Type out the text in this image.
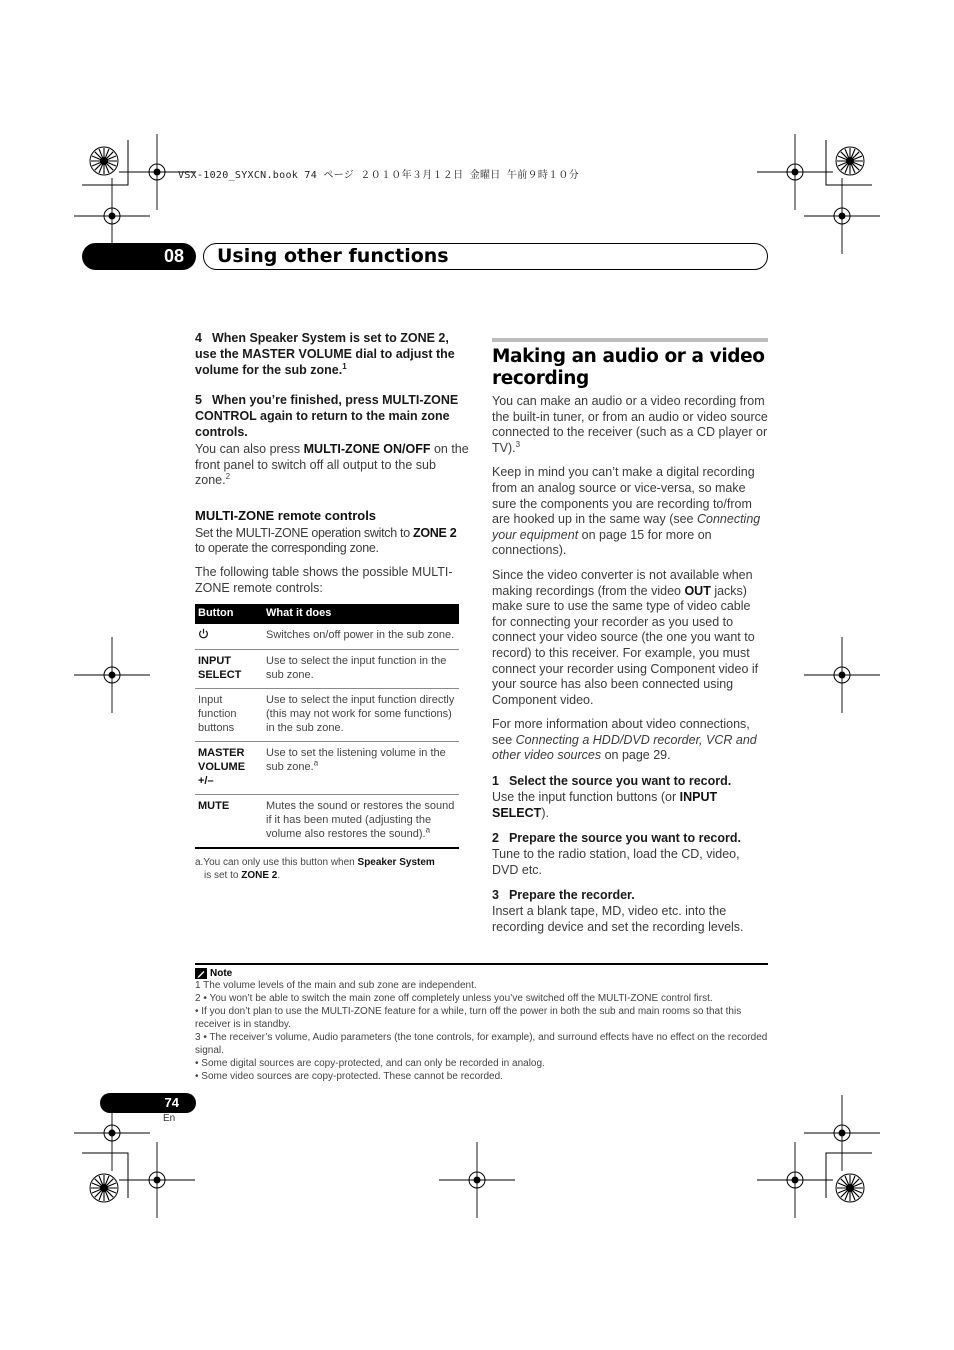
VSX-1020_SYXCN.book 74 ページ ２０１０年３月１２日 金曜日 午前９時１０分
08	Using other functions

4 When Speaker System is set to ZONE 2, use the MASTER VOLUME dial to adjust the volume for the sub zone.$^1$

5 When you’re finished, press MULTI-ZONE CONTROL again to return to the main zone controls.

You can also press MULTI-ZONE ON/OFF on the front panel to switch off all output to the sub zone.$^2$

MULTI-ZONE remote controls

Set the MULTI-ZONE operation switch to ZONE 2 to operate the corresponding zone.

The following table shows the possible MULTI-ZONE remote controls:

Button	What it does
	Switches on/off power in the sub zone.
INPUT SELECT	Use to select the input function in the sub zone.
Input function buttons	Use to select the input function directly (this may not work for some functions) in the sub zone.
MASTER VOLUME +/–	Use to set the listening volume in the sub zone.$^a$
MUTE	Mutes the sound or restores the sound if it has been muted (adjusting the volume also restores the sound).$^a$
a.You can only use this button when Speaker System
is set to ZONE 2.
Making an audio or a video recording

You can make an audio or a video recording from the built-in tuner, or from an audio or video source connected to the receiver (such as a CD player or TV).$^3$

Keep in mind you can’t make a digital recording from an analog source or vice-versa, so make sure the components you are recording to/from are hooked up in the same way (see Connecting your equipment on page 15 for more on connections).

Since the video converter is not available when making recordings (from the video OUT jacks) make sure to use the same type of video cable for connecting your recorder as you used to connect your video source (the one you want to record) to this receiver. For example, you must connect your recorder using Component video if your source has also been connected using Component video.

For more information about video connections, see Connecting a HDD/DVD recorder, VCR and other video sources on page 29.

1 Select the source you want to record.

Use the input function buttons (or INPUT SELECT).

2 Prepare the source you want to record.

Tune to the radio station, load the CD, video, DVD etc.

3 Prepare the recorder.

Insert a blank tape, MD, video etc. into the recording device and set the recording levels.

Note
1 The volume levels of the main and sub zone are independent.
2 • You won’t be able to switch the main zone off completely unless you’ve switched off the MULTI-ZONE control first.
• If you don’t plan to use the MULTI-ZONE feature for a while, turn off the power in both the sub and main rooms so that this receiver is in standby.
3 • The receiver’s volume, Audio parameters (the tone controls, for example), and surround effects have no effect on the recorded signal.
• Some digital sources are copy-protected, and can only be recorded in analog.
• Some video sources are copy-protected. These cannot be recorded.
74
En
